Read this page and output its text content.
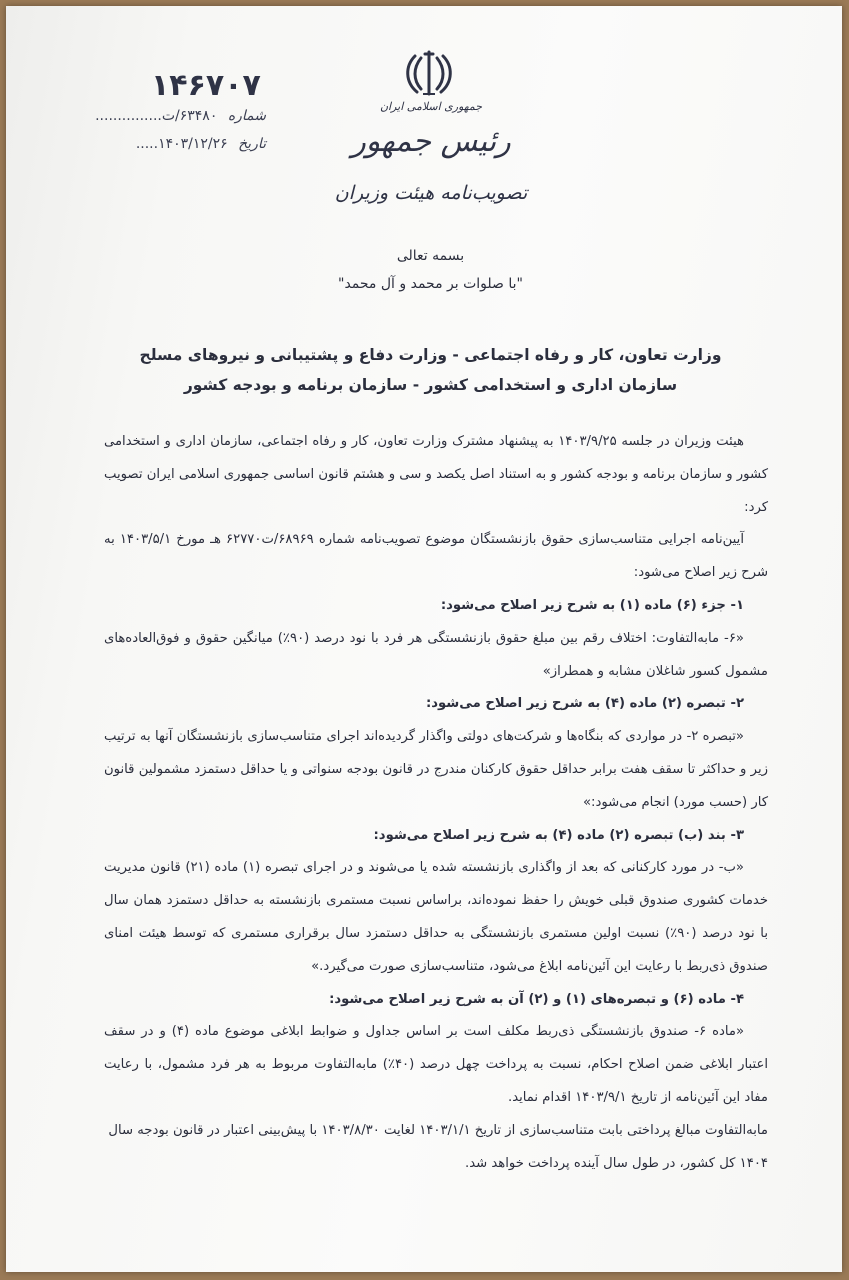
۱۴۶۷۰۷
شماره ۶۳۴۸۰/ت...............
تاریخ ۱۴۰۳/۱۲/۲۶.....
جمهوری اسلامی ایران
رئیس جمهور
تصویب‌نامه هیئت وزیران
بسمه تعالی
"با صلوات بر محمد و آل محمد"
وزارت تعاون، کار و رفاه اجتماعی - وزارت دفاع و پشتیبانی و نیروهای مسلح
سازمان اداری و استخدامی کشور - سازمان برنامه و بودجه کشور

هیئت وزیران در جلسه ۱۴۰۳/۹/۲۵ به پیشنهاد مشترک وزارت تعاون، کار و رفاه اجتماعی، سازمان اداری و استخدامی کشور و سازمان برنامه و بودجه کشور و به استناد اصل یکصد و سی و هشتم قانون اساسی جمهوری اسلامی ایران تصویب کرد:

آیین‌نامه اجرایی متناسب‌سازی حقوق بازنشستگان موضوع تصویب‌نامه شماره ۶۸۹۶۹/ت۶۲۷۷۰ هـ مورخ ۱۴۰۳/۵/۱ به شرح زیر اصلاح می‌شود:

۱- جزء (۶) ماده (۱) به شرح زیر اصلاح می‌شود:

«۶- مابه‌التفاوت: اختلاف رقم بین مبلغ حقوق بازنشستگی هر فرد با نود درصد (۹۰٪) میانگین حقوق و فوق‌العاده‌های مشمول کسور شاغلان مشابه و همطراز»

۲- تبصره (۲) ماده (۴) به شرح زیر اصلاح می‌شود:

«تبصره ۲- در مواردی که بنگاه‌ها و شرکت‌های دولتی واگذار گردیده‌اند اجرای متناسب‌سازی بازنشستگان آنها به ترتیب زیر و حداکثر تا سقف هفت برابر حداقل حقوق کارکنان مندرج در قانون بودجه سنواتی و یا حداقل دستمزد مشمولین قانون کار (حسب مورد) انجام می‌شود:»

۳- بند (ب) تبصره (۲) ماده (۴) به شرح زیر اصلاح می‌شود:

«ب- در مورد کارکنانی که بعد از واگذاری بازنشسته شده یا می‌شوند و در اجرای تبصره (۱) ماده (۲۱) قانون مدیریت خدمات کشوری صندوق قبلی خویش را حفظ نموده‌اند، براساس نسبت مستمری بازنشسته به حداقل دستمزد همان سال با نود درصد (۹۰٪) نسبت اولین مستمری بازنشستگی به حداقل دستمزد سال برقراری مستمری که توسط هیئت امنای صندوق ذی‌ربط با رعایت این آئین‌نامه ابلاغ می‌شود، متناسب‌سازی صورت می‌گیرد.»

۴- ماده (۶) و تبصره‌های (۱) و (۲) آن به شرح زیر اصلاح می‌شود:

«ماده ۶- صندوق بازنشستگی ذی‌ربط مکلف است بر اساس جداول و ضوابط ابلاغی موضوع ماده (۴) و در سقف اعتبار ابلاغی ضمن اصلاح احکام، نسبت به پرداخت چهل درصد (۴۰٪) مابه‌التفاوت مربوط به هر فرد مشمول، با رعایت مفاد این آئین‌نامه از تاریخ ۱۴۰۳/۹/۱ اقدام نماید.

مابه‌التفاوت مبالغ پرداختی بابت متناسب‌سازی از تاریخ ۱۴۰۳/۱/۱ لغایت ۱۴۰۳/۸/۳۰ با پیش‌بینی اعتبار در قانون بودجه سال ۱۴۰۴ کل کشور، در طول سال آینده پرداخت خواهد شد.
